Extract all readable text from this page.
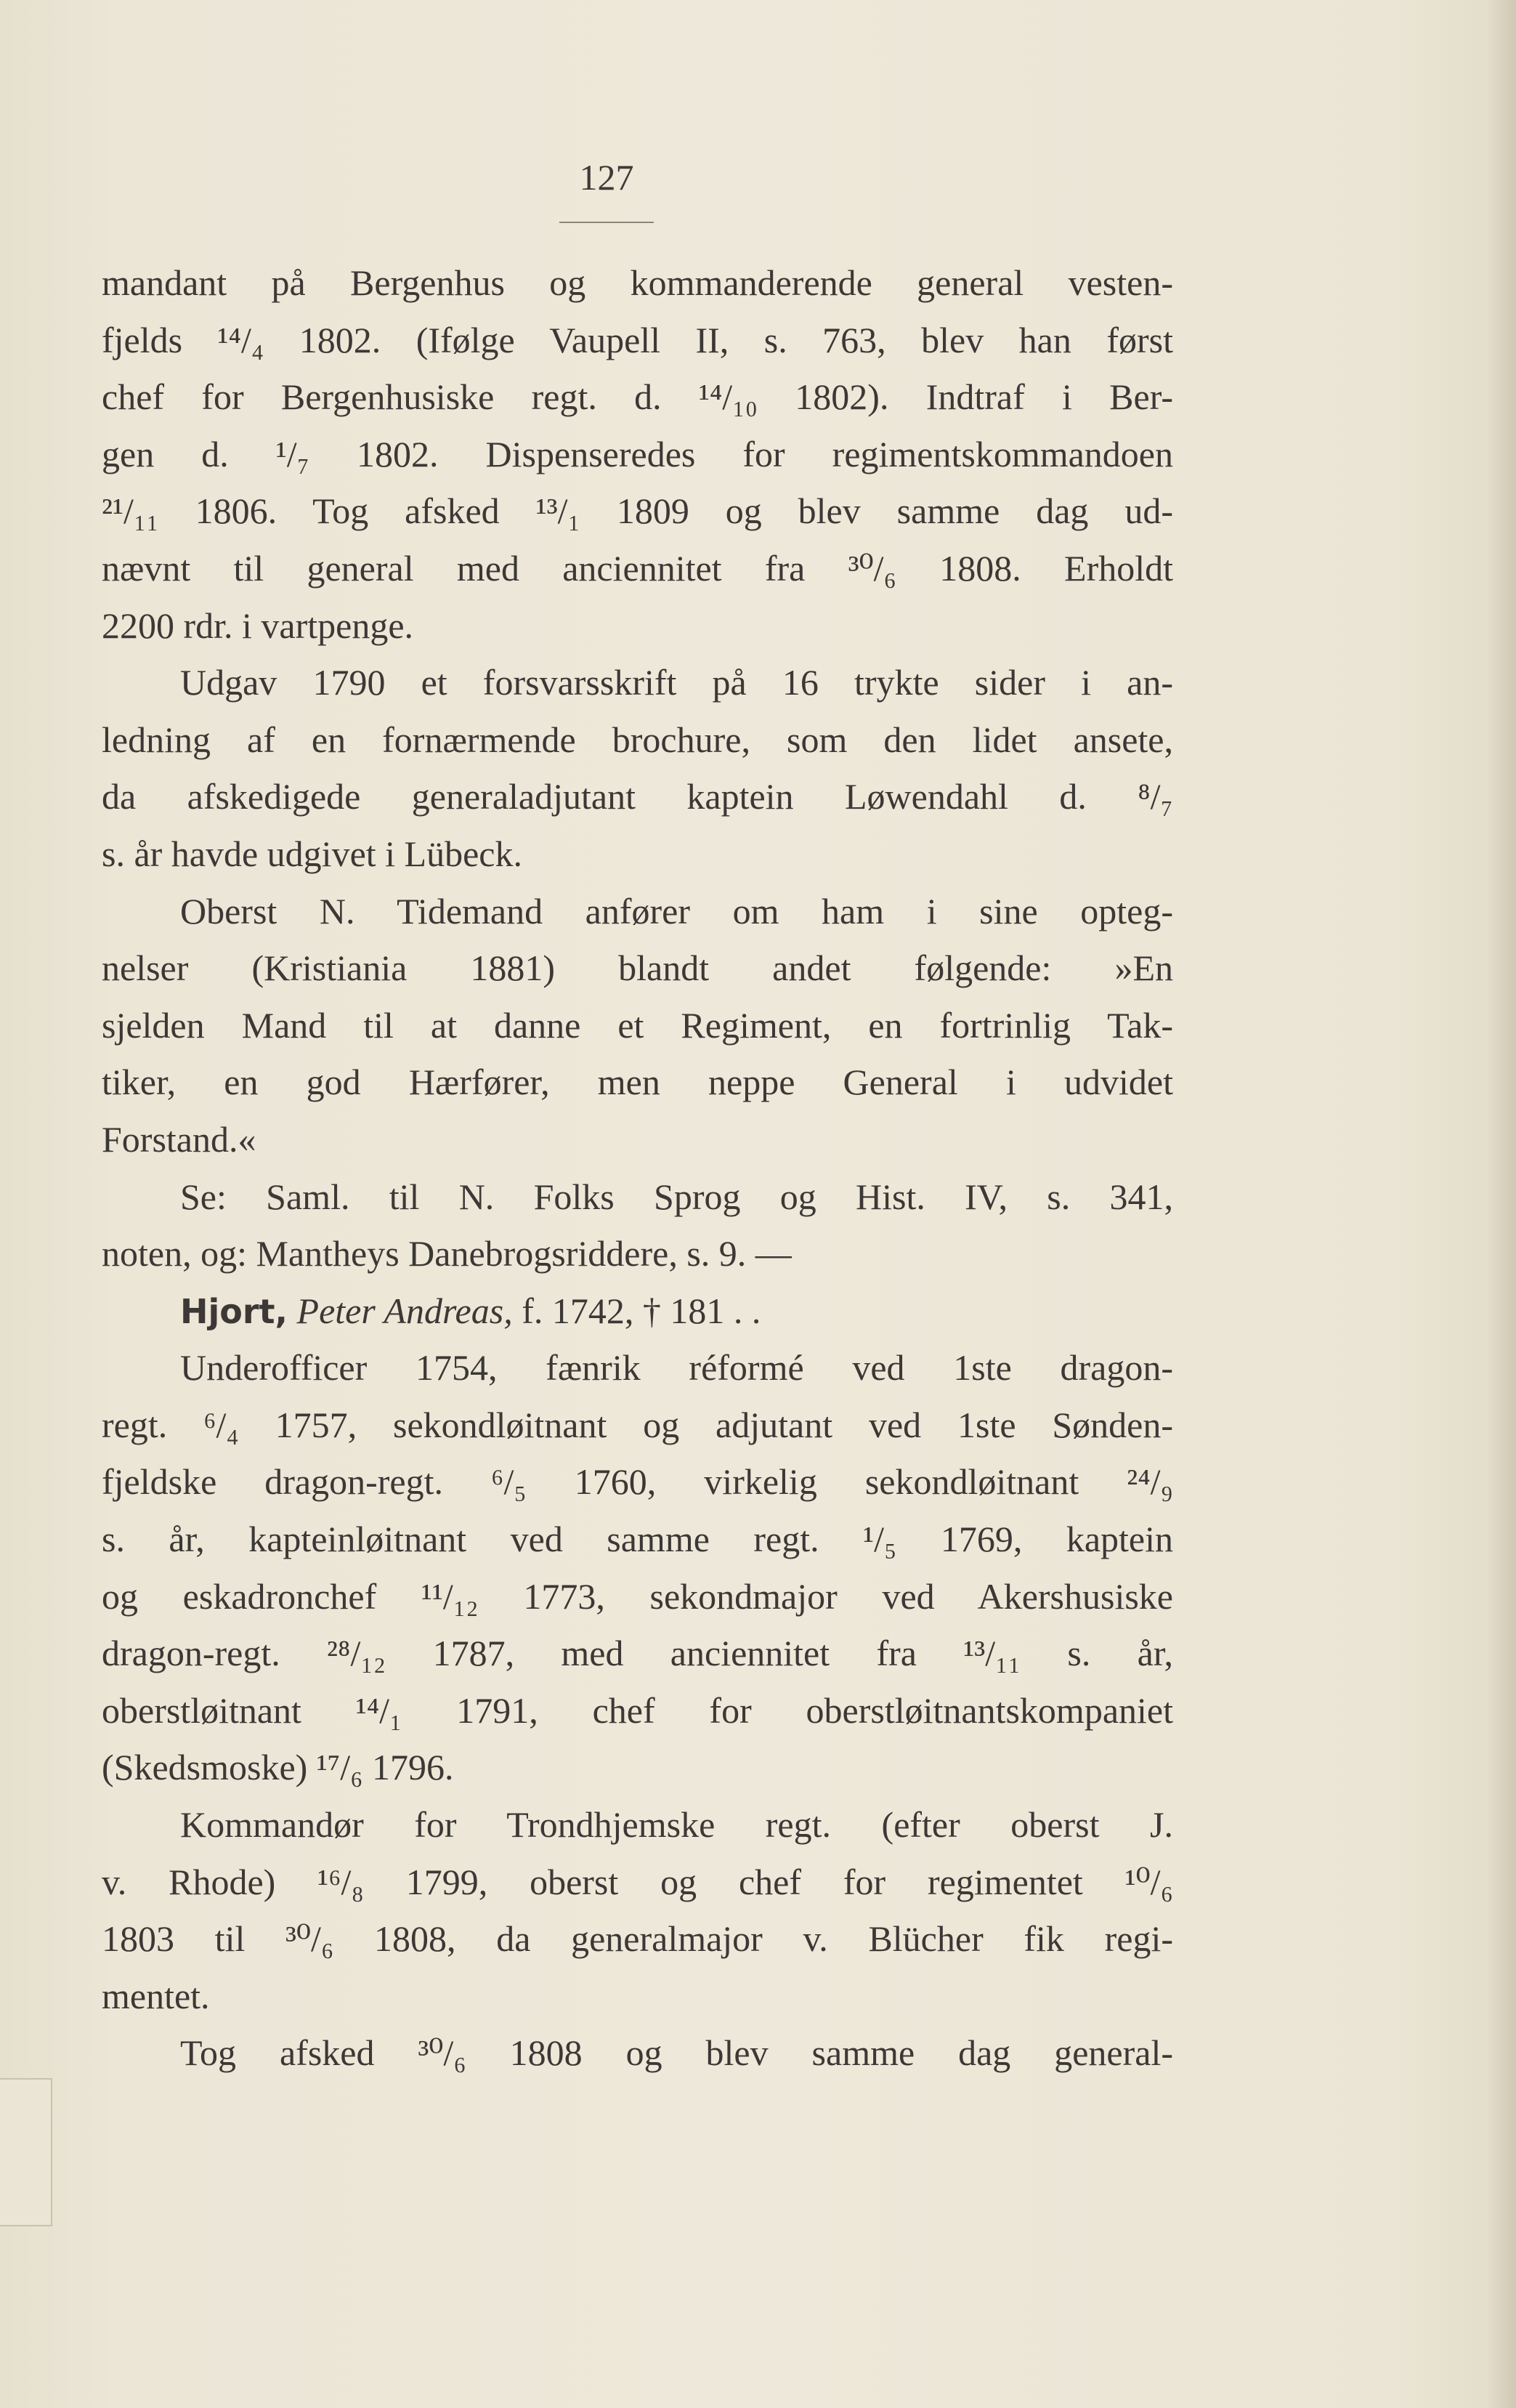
127
mandant på Bergenhus og kommanderende general vesten-
fjelds ¹⁴/₄ 1802. (Ifølge Vaupell II, s. 763, blev han først
chef for Bergenhusiske regt. d. ¹⁴/₁₀ 1802). Indtraf i Ber-
gen d. ¹/₇ 1802. Dispenseredes for regimentskommandoen
²¹/₁₁ 1806. Tog afsked ¹³/₁ 1809 og blev samme dag ud-
nævnt til general med anciennitet fra ³⁰/₆ 1808. Erholdt
2200 rdr. i vartpenge.
Udgav 1790 et forsvarsskrift på 16 trykte sider i an-
ledning af en fornærmende brochure, som den lidet ansete,
da afskedigede generaladjutant kaptein Løwendahl d. ⁸/₇
s. år havde udgivet i Lübeck.
Oberst N. Tidemand anfører om ham i sine opteg-
nelser (Kristiania 1881) blandt andet følgende: »En
sjelden Mand til at danne et Regiment, en fortrinlig Tak-
tiker, en god Hærfører, men neppe General i udvidet
Forstand.«
Se: Saml. til N. Folks Sprog og Hist. IV, s. 341,
noten, og: Mantheys Danebrogsriddere, s. 9. —
Hjort, Peter Andreas, f. 1742, † 181 . .
Underofficer 1754, fænrik réformé ved 1ste dragon-
regt. ⁶/₄ 1757, sekondløitnant og adjutant ved 1ste Sønden-
fjeldske dragon-regt. ⁶/₅ 1760, virkelig sekondløitnant ²⁴/₉
s. år, kapteinløitnant ved samme regt. ¹/₅ 1769, kaptein
og eskadronchef ¹¹/₁₂ 1773, sekondmajor ved Akershusiske
dragon-regt. ²⁸/₁₂ 1787, med anciennitet fra ¹³/₁₁ s. år,
oberstløitnant ¹⁴/₁ 1791, chef for oberstløitnantskompaniet
(Skedsmoske) ¹⁷/₆ 1796.
Kommandør for Trondhjemske regt. (efter oberst J.
v. Rhode) ¹⁶/₈ 1799, oberst og chef for regimentet ¹⁰/₆
1803 til ³⁰/₆ 1808, da generalmajor v. Blücher fik regi-
mentet.
Tog afsked ³⁰/₆ 1808 og blev samme dag general-
